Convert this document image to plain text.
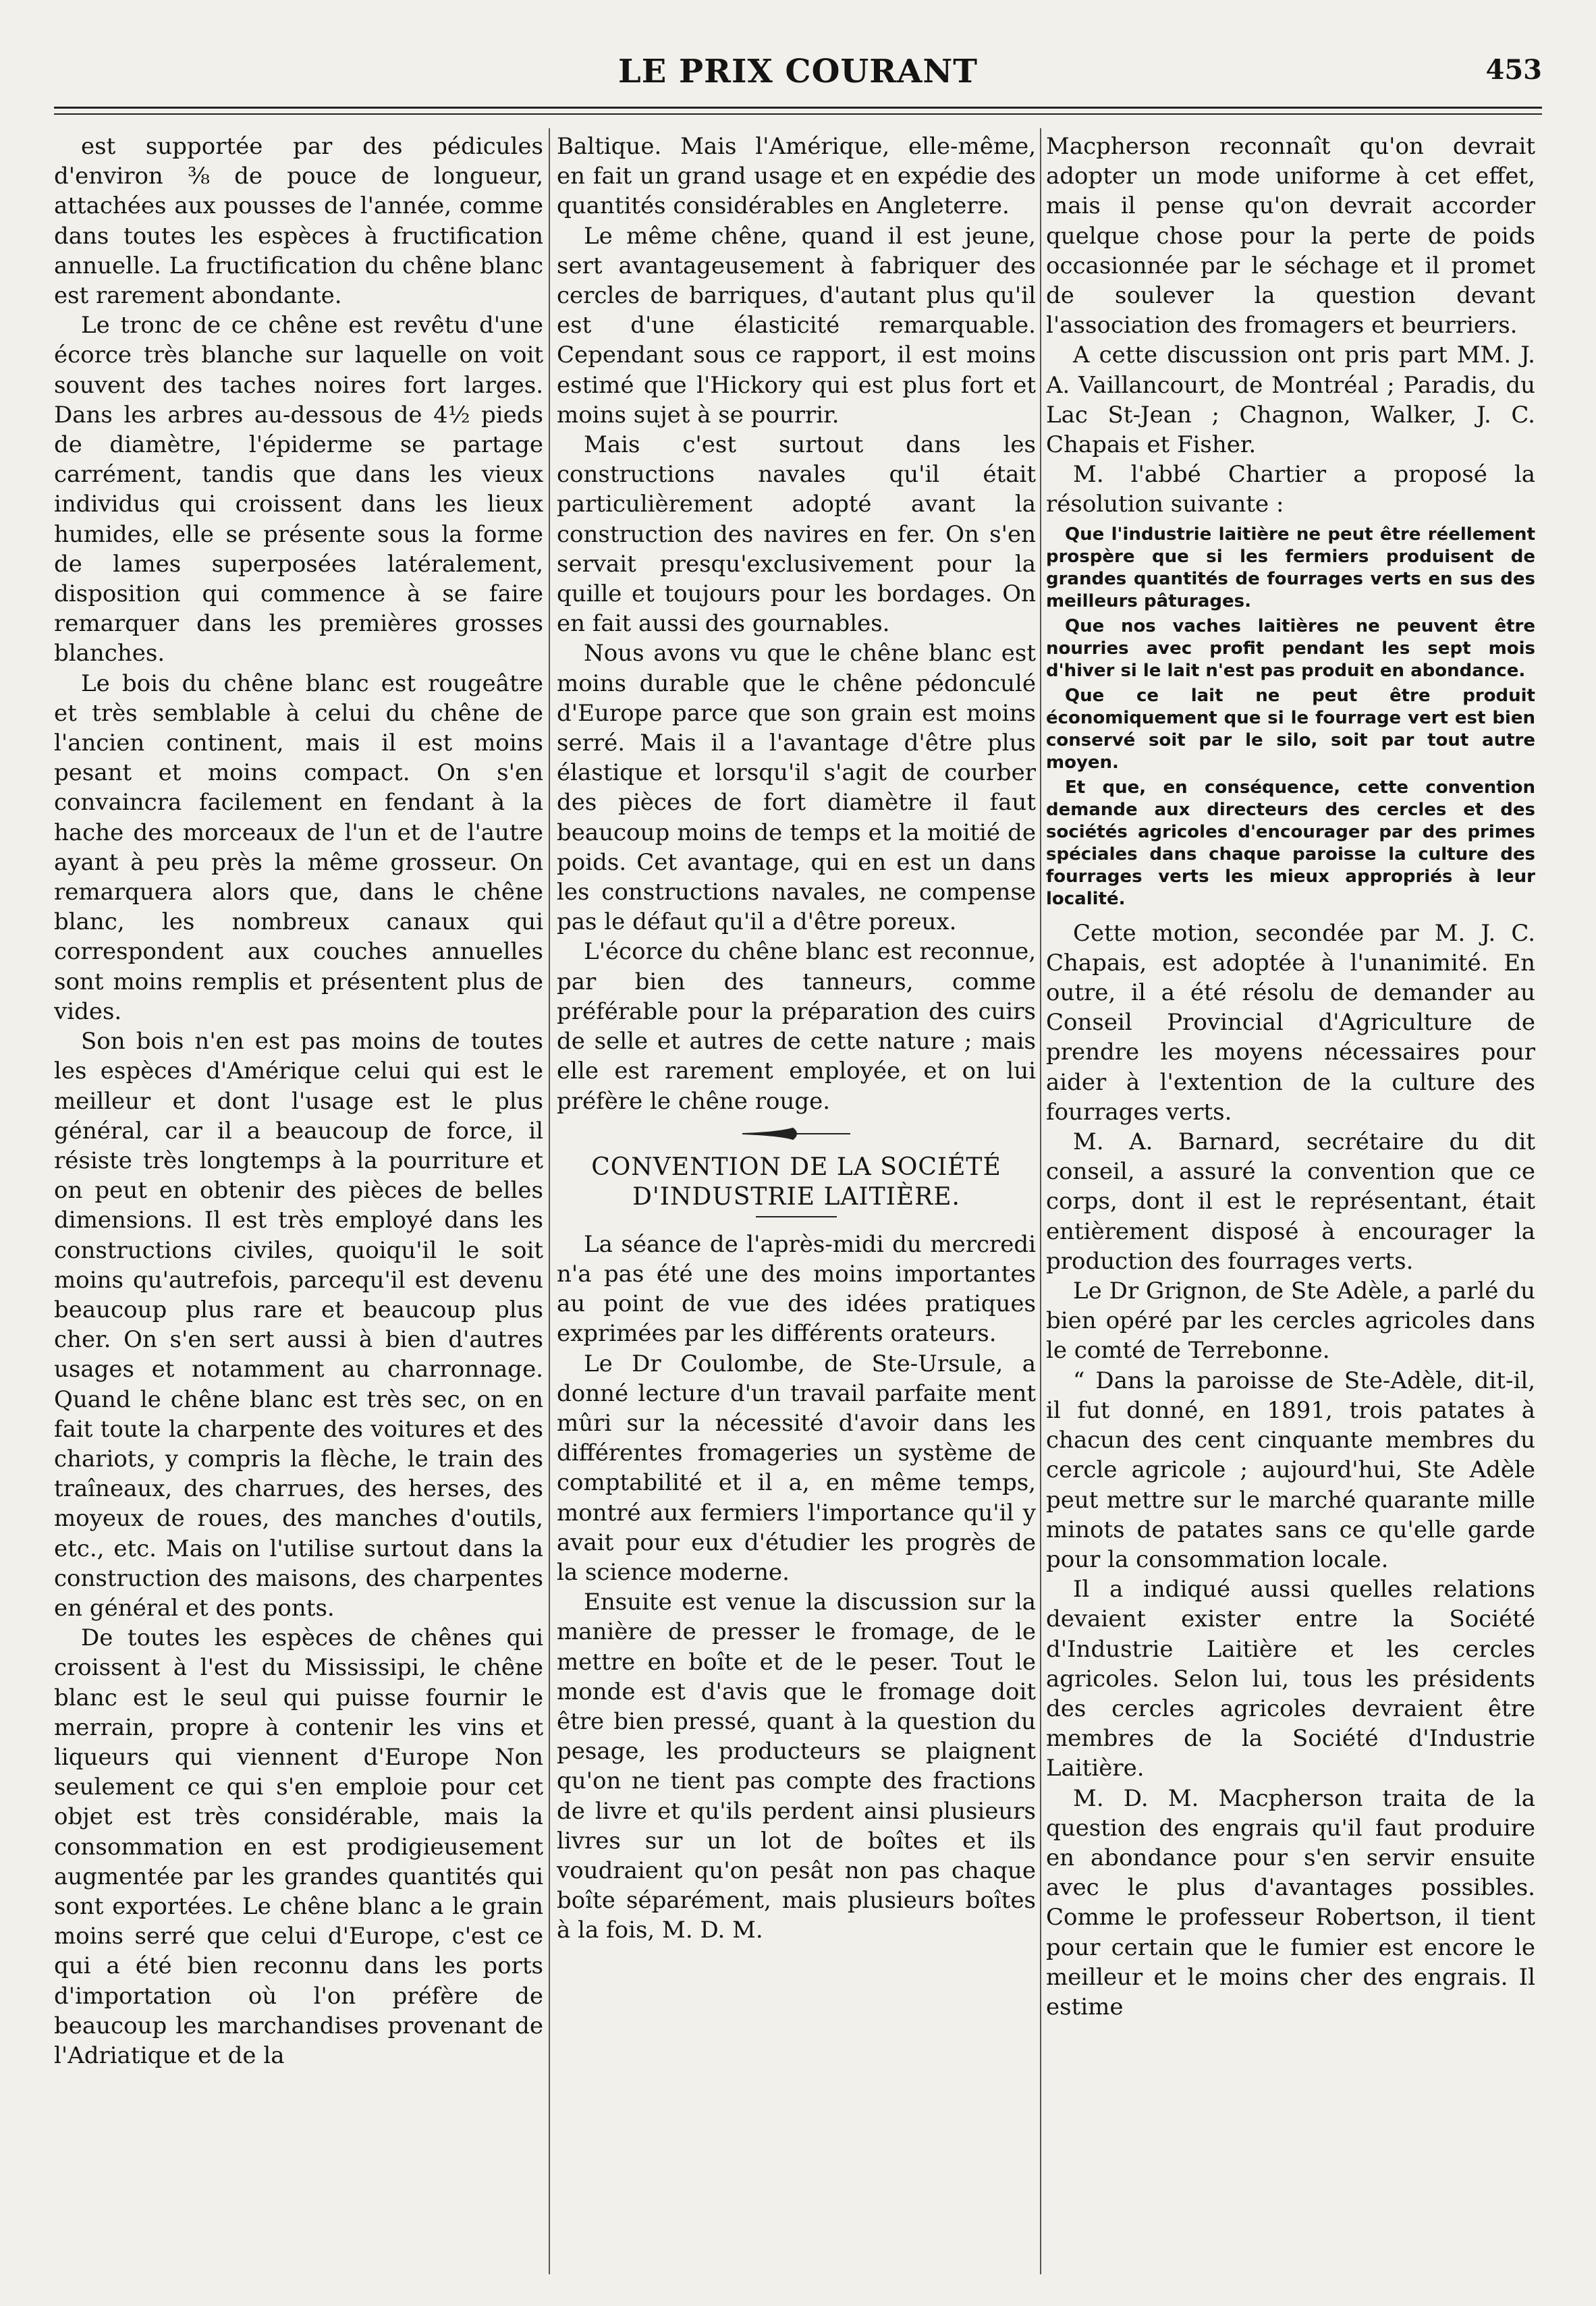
LE PRIX COURANT	453

est supportée par des pédicules d'environ ⅜ de pouce de longueur, attachées aux pousses de l'année, comme dans toutes les espèces à fructification annuelle. La fructification du chêne blanc est rarement abondante.

Le tronc de ce chêne est revêtu d'une écorce très blanche sur laquelle on voit souvent des taches noires fort larges. Dans les arbres au-dessous de 4½ pieds de diamètre, l'épiderme se partage carrément, tandis que dans les vieux individus qui croissent dans les lieux humides, elle se présente sous la forme de lames superposées latéralement, disposition qui commence à se faire remarquer dans les premières grosses blanches.

Le bois du chêne blanc est rougeâtre et très semblable à celui du chêne de l'ancien continent, mais il est moins pesant et moins compact. On s'en convaincra facilement en fendant à la hache des morceaux de l'un et de l'autre ayant à peu près la même grosseur. On remarquera alors que, dans le chêne blanc, les nombreux canaux qui correspondent aux couches annuelles sont moins remplis et présentent plus de vides.

Son bois n'en est pas moins de toutes les espèces d'Amérique celui qui est le meilleur et dont l'usage est le plus général, car il a beaucoup de force, il résiste très longtemps à la pourriture et on peut en obtenir des pièces de belles dimensions. Il est très employé dans les constructions civiles, quoiqu'il le soit moins qu'autrefois, parcequ'il est devenu beaucoup plus rare et beaucoup plus cher. On s'en sert aussi à bien d'autres usages et notamment au charronnage. Quand le chêne blanc est très sec, on en fait toute la charpente des voitures et des chariots, y compris la flèche, le train des traîneaux, des charrues, des herses, des moyeux de roues, des manches d'outils, etc., etc. Mais on l'utilise surtout dans la construction des maisons, des charpentes en général et des ponts.

De toutes les espèces de chênes qui croissent à l'est du Mississipi, le chêne blanc est le seul qui puisse fournir le merrain, propre à contenir les vins et liqueurs qui viennent d'Europe Non seulement ce qui s'en emploie pour cet objet est très considérable, mais la consommation en est prodigieusement augmentée par les grandes quantités qui sont exportées. Le chêne blanc a le grain moins serré que celui d'Europe, c'est ce qui a été bien reconnu dans les ports d'importation où l'on préfère de beaucoup les marchandises provenant de l'Adriatique et de la

Baltique. Mais l'Amérique, elle-même, en fait un grand usage et en expédie des quantités considérables en Angleterre.

Le même chêne, quand il est jeune, sert avantageusement à fabriquer des cercles de barriques, d'autant plus qu'il est d'une élasticité remarquable. Cependant sous ce rapport, il est moins estimé que l'Hickory qui est plus fort et moins sujet à se pourrir.

Mais c'est surtout dans les constructions navales qu'il était particulièrement adopté avant la construction des navires en fer. On s'en servait presqu'exclusivement pour la quille et toujours pour les bordages. On en fait aussi des gournables.

Nous avons vu que le chêne blanc est moins durable que le chêne pédonculé d'Europe parce que son grain est moins serré. Mais il a l'avantage d'être plus élastique et lorsqu'il s'agit de courber des pièces de fort diamètre il faut beaucoup moins de temps et la moitié de poids. Cet avantage, qui en est un dans les constructions navales, ne compense pas le défaut qu'il a d'être poreux.

L'écorce du chêne blanc est reconnue, par bien des tanneurs, comme préférable pour la préparation des cuirs de selle et autres de cette nature ; mais elle est rarement employée, et on lui préfère le chêne rouge.

CONVENTION DE LA SOCIÉTÉ
D'INDUSTRIE LAITIÈRE.

La séance de l'après-midi du mercredi n'a pas été une des moins importantes au point de vue des idées pratiques exprimées par les différents orateurs.

Le Dr Coulombe, de Ste-Ursule, a donné lecture d'un travail parfaite ment mûri sur la nécessité d'avoir dans les différentes fromageries un système de comptabilité et il a, en même temps, montré aux fermiers l'importance qu'il y avait pour eux d'étudier les progrès de la science moderne.

Ensuite est venue la discussion sur la manière de presser le fromage, de le mettre en boîte et de le peser. Tout le monde est d'avis que le fromage doit être bien pressé, quant à la question du pesage, les producteurs se plaignent qu'on ne tient pas compte des fractions de livre et qu'ils perdent ainsi plusieurs livres sur un lot de boîtes et ils voudraient qu'on pesât non pas chaque boîte séparément, mais plusieurs boîtes à la fois, M. D. M.

Macpherson reconnaît qu'on devrait adopter un mode uniforme à cet effet, mais il pense qu'on devrait accorder quelque chose pour la perte de poids occasionnée par le séchage et il promet de soulever la question devant l'association des fromagers et beurriers.

A cette discussion ont pris part MM. J. A. Vaillancourt, de Montréal ; Paradis, du Lac St-Jean ; Chagnon, Walker, J. C. Chapais et Fisher.

M. l'abbé Chartier a proposé la résolution suivante :

Que l'industrie laitière ne peut être réellement prospère que si les fermiers produisent de grandes quantités de fourrages verts en sus des meilleurs pâturages.

Que nos vaches laitières ne peuvent être nourries avec profit pendant les sept mois d'hiver si le lait n'est pas produit en abondance.

Que ce lait ne peut être produit économiquement que si le fourrage vert est bien conservé soit par le silo, soit par tout autre moyen.

Et que, en conséquence, cette convention demande aux directeurs des cercles et des sociétés agricoles d'encourager par des primes spéciales dans chaque paroisse la culture des fourrages verts les mieux appropriés à leur localité.

Cette motion, secondée par M. J. C. Chapais, est adoptée à l'unanimité. En outre, il a été résolu de demander au Conseil Provincial d'Agriculture de prendre les moyens nécessaires pour aider à l'extention de la culture des fourrages verts.

M. A. Barnard, secrétaire du dit conseil, a assuré la convention que ce corps, dont il est le représentant, était entièrement disposé à encourager la production des fourrages verts.

Le Dr Grignon, de Ste Adèle, a parlé du bien opéré par les cercles agricoles dans le comté de Terrebonne.

“ Dans la paroisse de Ste-Adèle, dit-il, il fut donné, en 1891, trois patates à chacun des cent cinquante membres du cercle agricole ; aujourd'hui, Ste Adèle peut mettre sur le marché quarante mille minots de patates sans ce qu'elle garde pour la consommation locale.

Il a indiqué aussi quelles relations devaient exister entre la Société d'Industrie Laitière et les cercles agricoles. Selon lui, tous les présidents des cercles agricoles devraient être membres de la Société d'Industrie Laitière.

M. D. M. Macpherson traita de la question des engrais qu'il faut produire en abondance pour s'en servir ensuite avec le plus d'avantages possibles. Comme le professeur Robertson, il tient pour certain que le fumier est encore le meilleur et le moins cher des engrais. Il estime
